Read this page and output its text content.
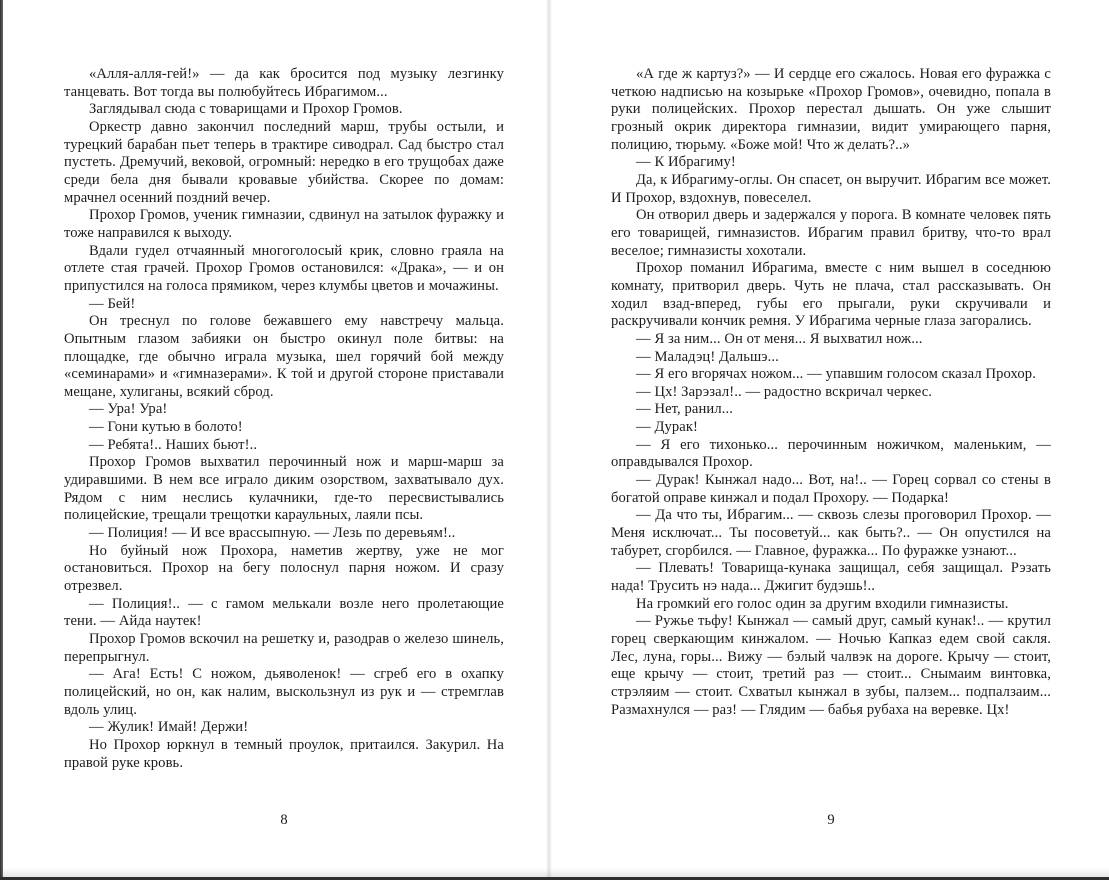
«Алля-алля-гей!» — да как бросится под музыку лезгинку танцевать. Вот тогда вы полюбуйтесь Ибрагимом...

Заглядывал сюда с товарищами и Прохор Громов.

Оркестр давно закончил последний марш, трубы остыли, и турецкий барабан пьет теперь в трактире сиводрал. Сад быстро стал пустеть. Дремучий, вековой, огромный: нередко в его трущобах даже среди бела дня бывали кровавые убийства. Скорее по домам: мрачнел осенний поздний вечер.

Прохор Громов, ученик гимназии, сдвинул на затылок фуражку и тоже направился к выходу.

Вдали гудел отчаянный многоголосый крик, словно граяла на отлете стая грачей. Прохор Громов остановился: «Драка», — и он припустился на голоса прямиком, через клумбы цветов и мочажины.

— Бей!

Он треснул по голове бежавшего ему навстречу мальца. Опытным глазом забияки он быстро окинул поле битвы: на площадке, где обычно играла музыка, шел горячий бой между «семинарами» и «гимназерами». К той и другой стороне приставали мещане, хулиганы, всякий сброд.

— Ура! Ура!

— Гони кутью в болото!

— Ребята!.. Наших бьют!..

Прохор Громов выхватил перочинный нож и марш-марш за удиравшими. В нем все играло диким озорством, захватывало дух. Рядом с ним неслись кулачники, где-то пересвистывались полицейские, трещали трещотки караульных, лаяли псы.

— Полиция! — И все врассыпную. — Лезь по деревьям!..

Но буйный нож Прохора, наметив жертву, уже не мог остановиться. Прохор на бегу полоснул парня ножом. И сразу отрезвел.

— Полиция!.. — с гамом мелькали возле него пролетающие тени. — Айда наутек!

Прохор Громов вскочил на решетку и, разодрав о железо шинель, перепрыгнул.

— Ага! Есть! С ножом, дьяволенок! — сгреб его в охапку полицейский, но он, как налим, выскользнул из рук и — стремглав вдоль улиц.

— Жулик! Имай! Держи!

Но Прохор юркнул в темный проулок, притаился. Закурил. На правой руке кровь.

«А где ж картуз?» — И сердце его сжалось. Новая его фуражка с четкою надписью на козырьке «Прохор Громов», очевидно, попала в руки полицейских. Прохор перестал дышать. Он уже слышит грозный окрик директора гимназии, видит умирающего парня, полицию, тюрьму. «Боже мой! Что ж делать?..»

— К Ибрагиму!

Да, к Ибрагиму-оглы. Он спасет, он выручит. Ибрагим все может. И Прохор, вздохнув, повеселел.

Он отворил дверь и задержался у порога. В комнате человек пять его товарищей, гимназистов. Ибрагим правил бритву, что-то врал веселое; гимназисты хохотали.

Прохор поманил Ибрагима, вместе с ним вышел в соседнюю комнату, притворил дверь. Чуть не плача, стал рассказывать. Он ходил взад-вперед, губы его прыгали, руки скручивали и раскручивали кончик ремня. У Ибрагима черные глаза загорались.

— Я за ним... Он от меня... Я выхватил нож...

— Маладэц! Дальшэ...

— Я его вгорячах ножом... — упавшим голосом сказал Прохор.

— Цх! Зарэзал!.. — радостно вскричал черкес.

— Нет, ранил...

— Дурак!

— Я его тихонько... перочинным ножичком, маленьким, — оправдывался Прохор.

— Дурак! Кынжал надо... Вот, на!.. — Горец сорвал со стены в богатой оправе кинжал и подал Прохору. — Подарка!

— Да что ты, Ибрагим... — сквозь слезы проговорил Прохор. — Меня исключат... Ты посоветуй... как быть?.. — Он опустился на табурет, сгорбился. — Главное, фуражка... По фуражке узнают...

— Плевать! Товарища-кунака защищал, себя защищал. Рэзать нада! Трусить нэ нада... Джигит будэшь!..

На громкий его голос один за другим входили гимназисты.

— Ружье тьфу! Кынжал — самый друг, самый кунак!.. — крутил горец сверкающим кинжалом. — Ночью Капказ едем свой сакля. Лес, луна, горы... Вижу — бэлый чалвэк на дороге. Крычу — стоит, еще крычу — стоит, третий раз — стоит... Снымаим винтовка, стрэляим — стоит. Схватыл кынжал в зубы, палзем... подпалзаим... Размахнулся — раз! — Глядим — бабья рубаха на веревке. Цх!

8	9
